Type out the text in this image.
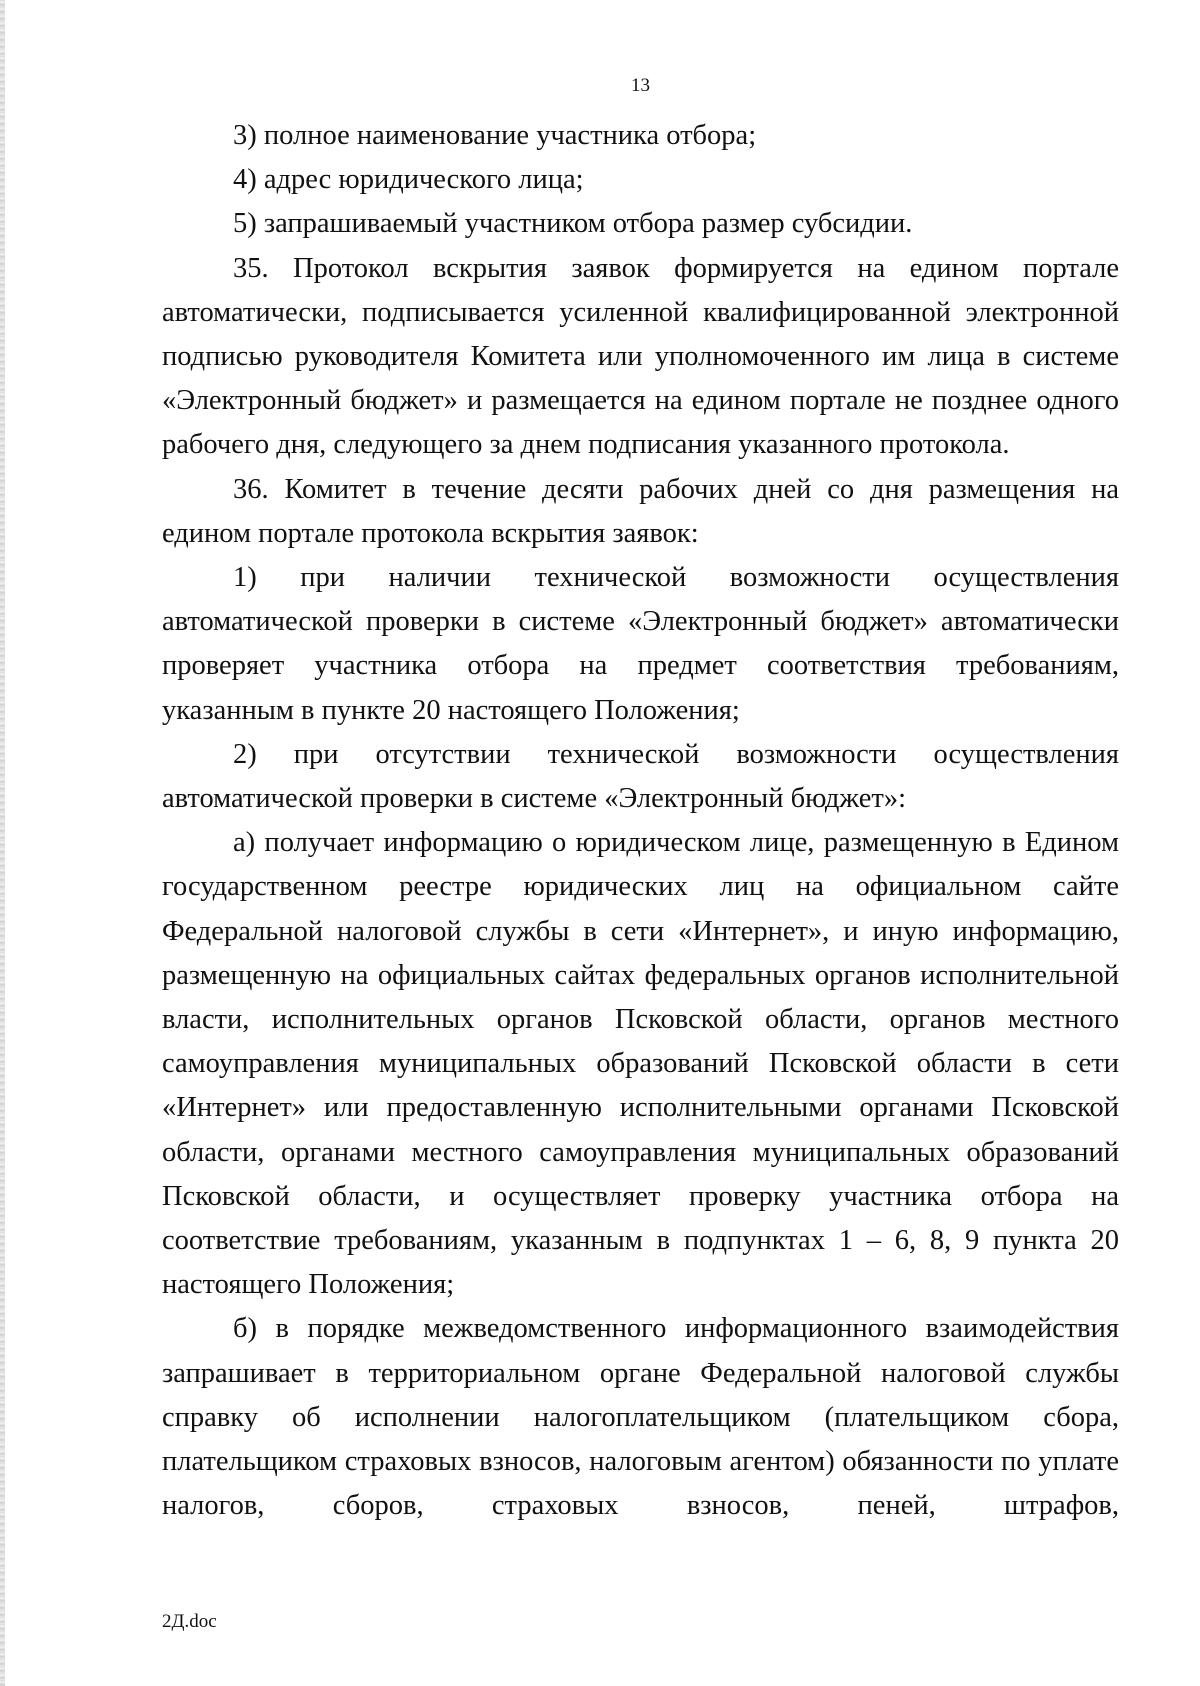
13

3) полное наименование участника отбора;

4) адрес юридического лица;

5) запрашиваемый участником отбора размер субсидии.

35. Протокол вскрытия заявок формируется на едином портале автоматически, подписывается усиленной квалифицированной электронной подписью руководителя Комитета или уполномоченного им лица в системе «Электронный бюджет» и размещается на едином портале не позднее одного рабочего дня, следующего за днем подписания указанного протокола.

36. Комитет в течение десяти рабочих дней со дня размещения на едином портале протокола вскрытия заявок:

1) при наличии технической возможности осуществления автоматической проверки в системе «Электронный бюджет» автоматически проверяет участника отбора на предмет соответствия требованиям, указанным в пункте 20 настоящего Положения;

2) при отсутствии технической возможности осуществления автоматической проверки в системе «Электронный бюджет»:

а) получает информацию о юридическом лице, размещенную в Едином государственном реестре юридических лиц на официальном сайте Федеральной налоговой службы в сети «Интернет», и иную информацию, размещенную на официальных сайтах федеральных органов исполнительной власти, исполнительных органов Псковской области, органов местного самоуправления муниципальных образований Псковской области в сети «Интернет» или предоставленную исполнительными органами Псковской области, органами местного самоуправления муниципальных образований Псковской области, и осуществляет проверку участника отбора на соответствие требованиям, указанным в подпунктах 1 – 6, 8, 9 пункта 20 настоящего Положения;

б) в порядке межведомственного информационного взаимодействия запрашивает в территориальном органе Федеральной налоговой службы справку об исполнении налогоплательщиком (плательщиком сбора, плательщиком страховых взносов, налоговым агентом) обязанности по уплате налогов, сборов, страховых взносов, пеней, штрафов,

2Д.doc
